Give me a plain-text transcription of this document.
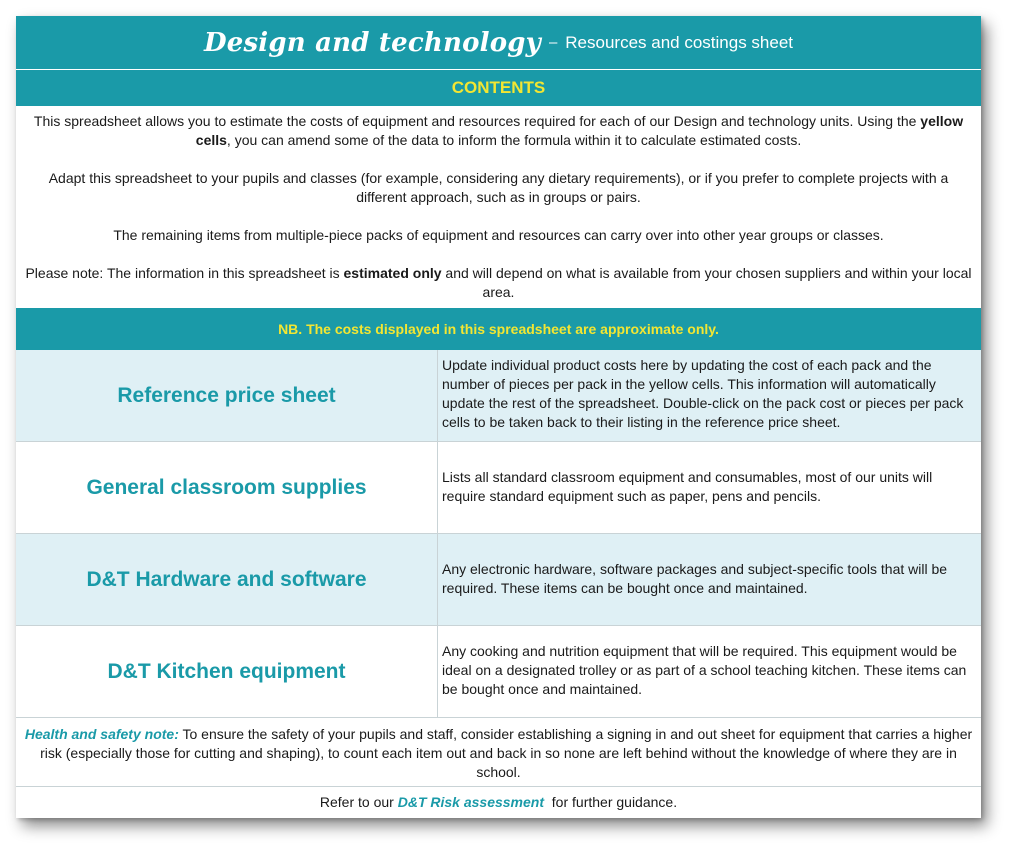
Design and technology – Resources and costings sheet
CONTENTS

This spreadsheet allows you to estimate the costs of equipment and resources required for each of our Design and technology units. Using the yellow cells, you can amend some of the data to inform the formula within it to calculate estimated costs.

Adapt this spreadsheet to your pupils and classes (for example, considering any dietary requirements), or if you prefer to complete projects with a different approach, such as in groups or pairs.

The remaining items from multiple-piece packs of equipment and resources can carry over into other year groups or classes.

Please note: The information in this spreadsheet is estimated only and will depend on what is available from your chosen suppliers and within your local area.

NB. The costs displayed in this spreadsheet are approximate only.
Reference price sheet
Update individual product costs here by updating the cost of each pack and the number of pieces per pack in the yellow cells. This information will automatically update the rest of the spreadsheet. Double-click on the pack cost or pieces per pack cells to be taken back to their listing in the reference price sheet.
General classroom supplies	Lists all standard classroom equipment and consumables, most of our units will require standard equipment such as paper, pens and pencils.
D&T Hardware and software	Any electronic hardware, software packages and subject-specific tools that will be required. These items can be bought once and maintained.
D&T Kitchen equipment
Any cooking and nutrition equipment that will be required. This equipment would be ideal on a designated trolley or as part of a school teaching kitchen. These items can be bought once and maintained.
Health and safety note: To ensure the safety of your pupils and staff, consider establishing a signing in and out sheet for equipment that carries a higher risk (especially those for cutting and shaping), to count each item out and back in so none are left behind without the knowledge of where they are in school.
Refer to our D&T Risk assessment  for further guidance.
